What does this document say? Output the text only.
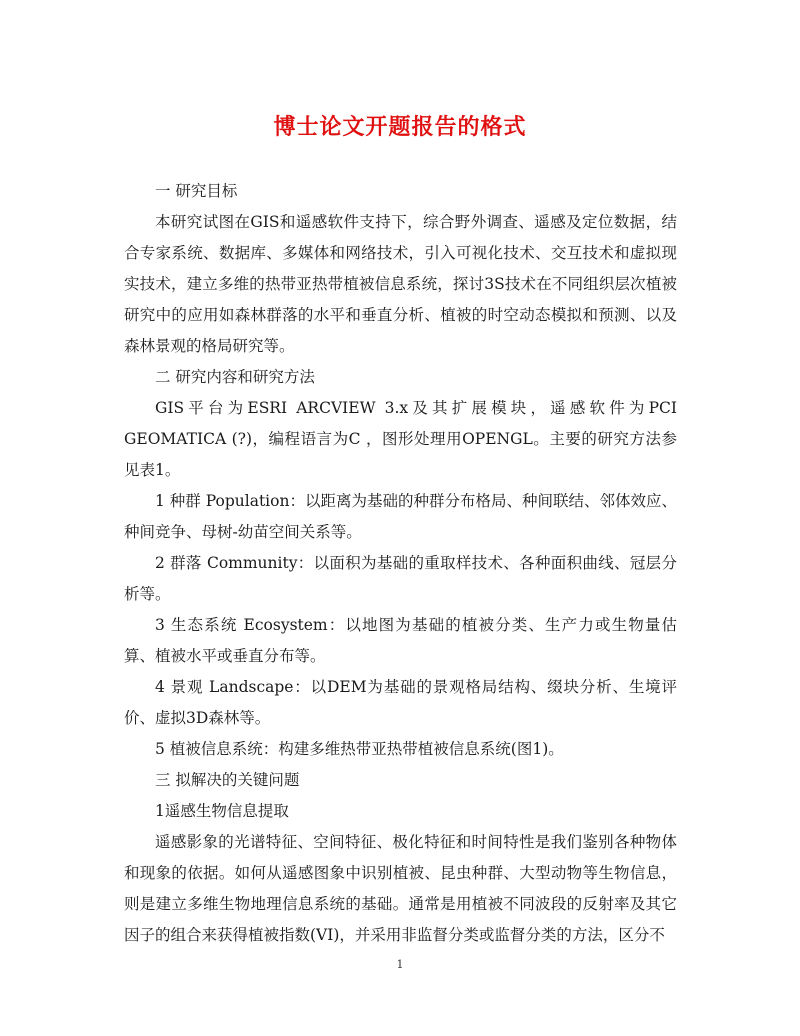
博士论文开题报告的格式

一 研究目标

本研究试图在GIS和遥感软件支持下，综合野外调查、遥感及定位数据，结合专家系统、数据库、多媒体和网络技术，引入可视化技术、交互技术和虚拟现实技术，建立多维的热带亚热带植被信息系统，探讨3S技术在不同组织层次植被研究中的应用如森林群落的水平和垂直分析、植被的时空动态模拟和预测、以及森林景观的格局研究等。

二 研究内容和研究方法

GIS平台为ESRI ARCVIEW 3.x及其扩展模块，遥感软件为PCI GEOMATICA (?)，编程语言为C ，图形处理用OPENGL。主要的研究方法参见表1。

1 种群 Population：以距离为基础的种群分布格局、种间联结、邻体效应、种间竞争、母树-幼苗空间关系等。

2 群落 Community：以面积为基础的重取样技术、各种面积曲线、冠层分析等。

3 生态系统 Ecosystem：以地图为基础的植被分类、生产力或生物量估算、植被水平或垂直分布等。

4 景观 Landscape：以DEM为基础的景观格局结构、缀块分析、生境评价、虚拟3D森林等。

5 植被信息系统：构建多维热带亚热带植被信息系统(图1)。

三 拟解决的关键问题

1遥感生物信息提取

遥感影象的光谱特征、空间特征、极化特征和时间特性是我们鉴别各种物体和现象的依据。如何从遥感图象中识别植被、昆虫种群、大型动物等生物信息，则是建立多维生物地理信息系统的基础。通常是用植被不同波段的反射率及其它因子的组合来获得植被指数(VI)，并采用非监督分类或监督分类的方法，区分不

1
